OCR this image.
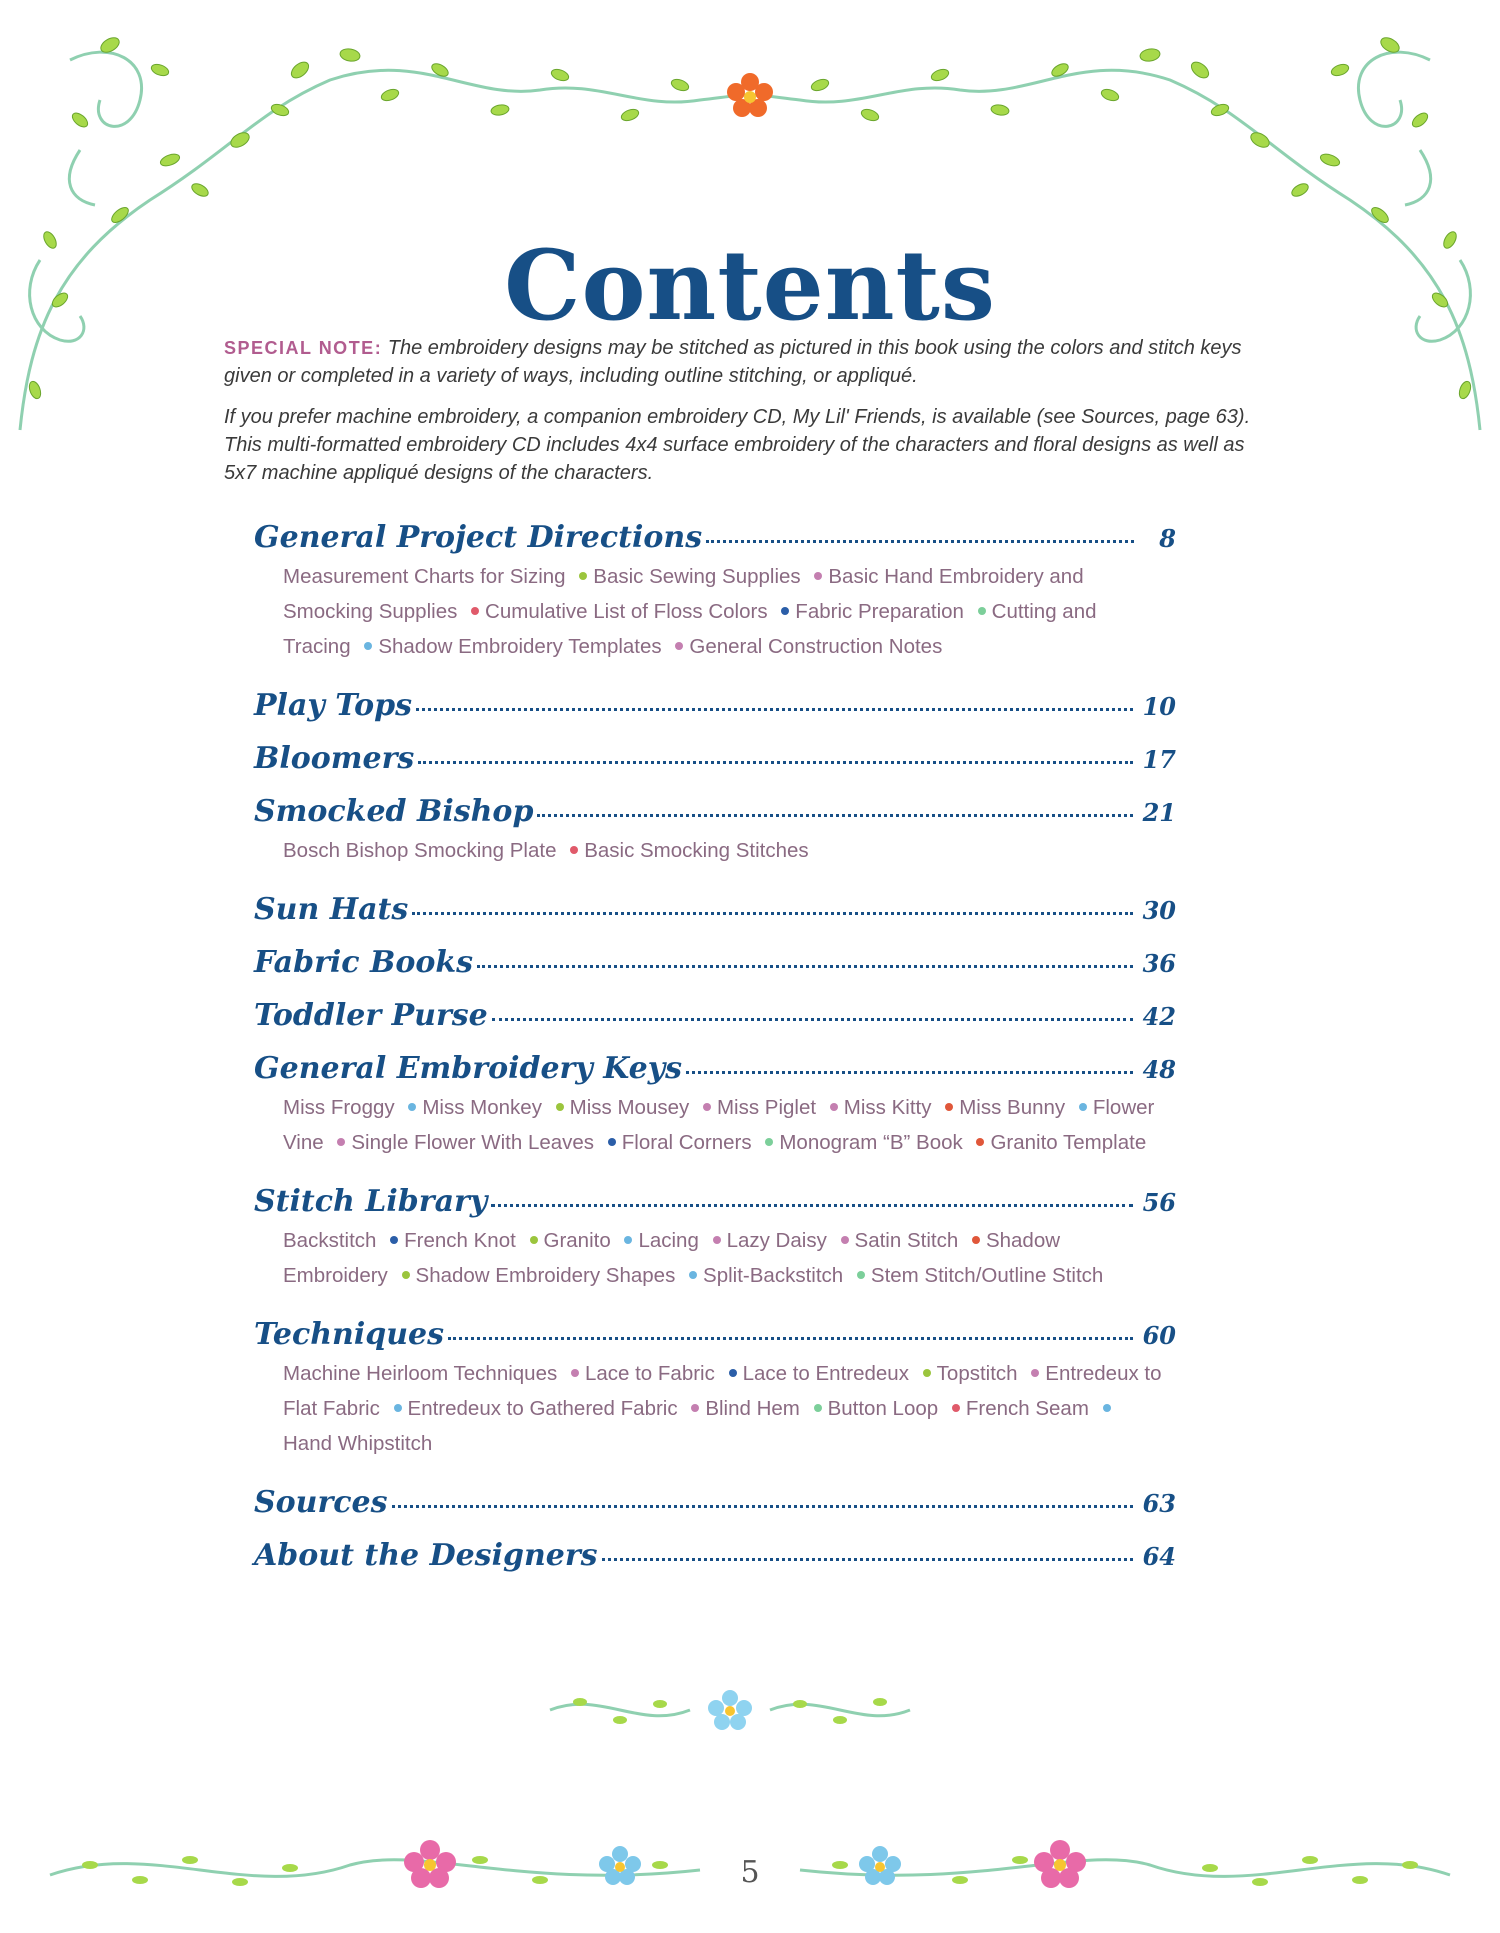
Contents

SPECIAL NOTE: The embroidery designs may be stitched as pictured in this book using the colors and stitch keys given or completed in a variety of ways, including outline stitching, or appliqué.

If you prefer machine embroidery, a companion embroidery CD, My Lil' Friends, is available (see Sources, page 63). This multi-formatted embroidery CD includes 4x4 surface embroidery of the characters and floral designs as well as 5x7 machine appliqué designs of the characters.

General Project Directions	8
Measurement Charts for Sizing Basic Sewing Supplies Basic Hand Embroidery and Smocking Supplies Cumulative List of Floss Colors Fabric Preparation Cutting and Tracing Shadow Embroidery Templates General Construction Notes
Play Tops	10
Bloomers	17
Smocked Bishop	21
Bosch Bishop Smocking Plate Basic Smocking Stitches
Sun Hats	30
Fabric Books	36
Toddler Purse	42
General Embroidery Keys	48
Miss Froggy Miss Monkey Miss Mousey Miss Piglet Miss Kitty Miss Bunny Flower Vine Single Flower With Leaves Floral Corners Monogram “B” Book Granito Template
Stitch Library	56
Backstitch French Knot Granito Lacing Lazy Daisy Satin Stitch Shadow Embroidery Shadow Embroidery Shapes Split-Backstitch Stem Stitch/Outline Stitch
Techniques	60
Machine Heirloom Techniques Lace to Fabric Lace to Entredeux Topstitch Entredeux to Flat Fabric Entredeux to Gathered Fabric Blind Hem Button Loop French Seam Hand Whipstitch
Sources	63
About the Designers	64
5
